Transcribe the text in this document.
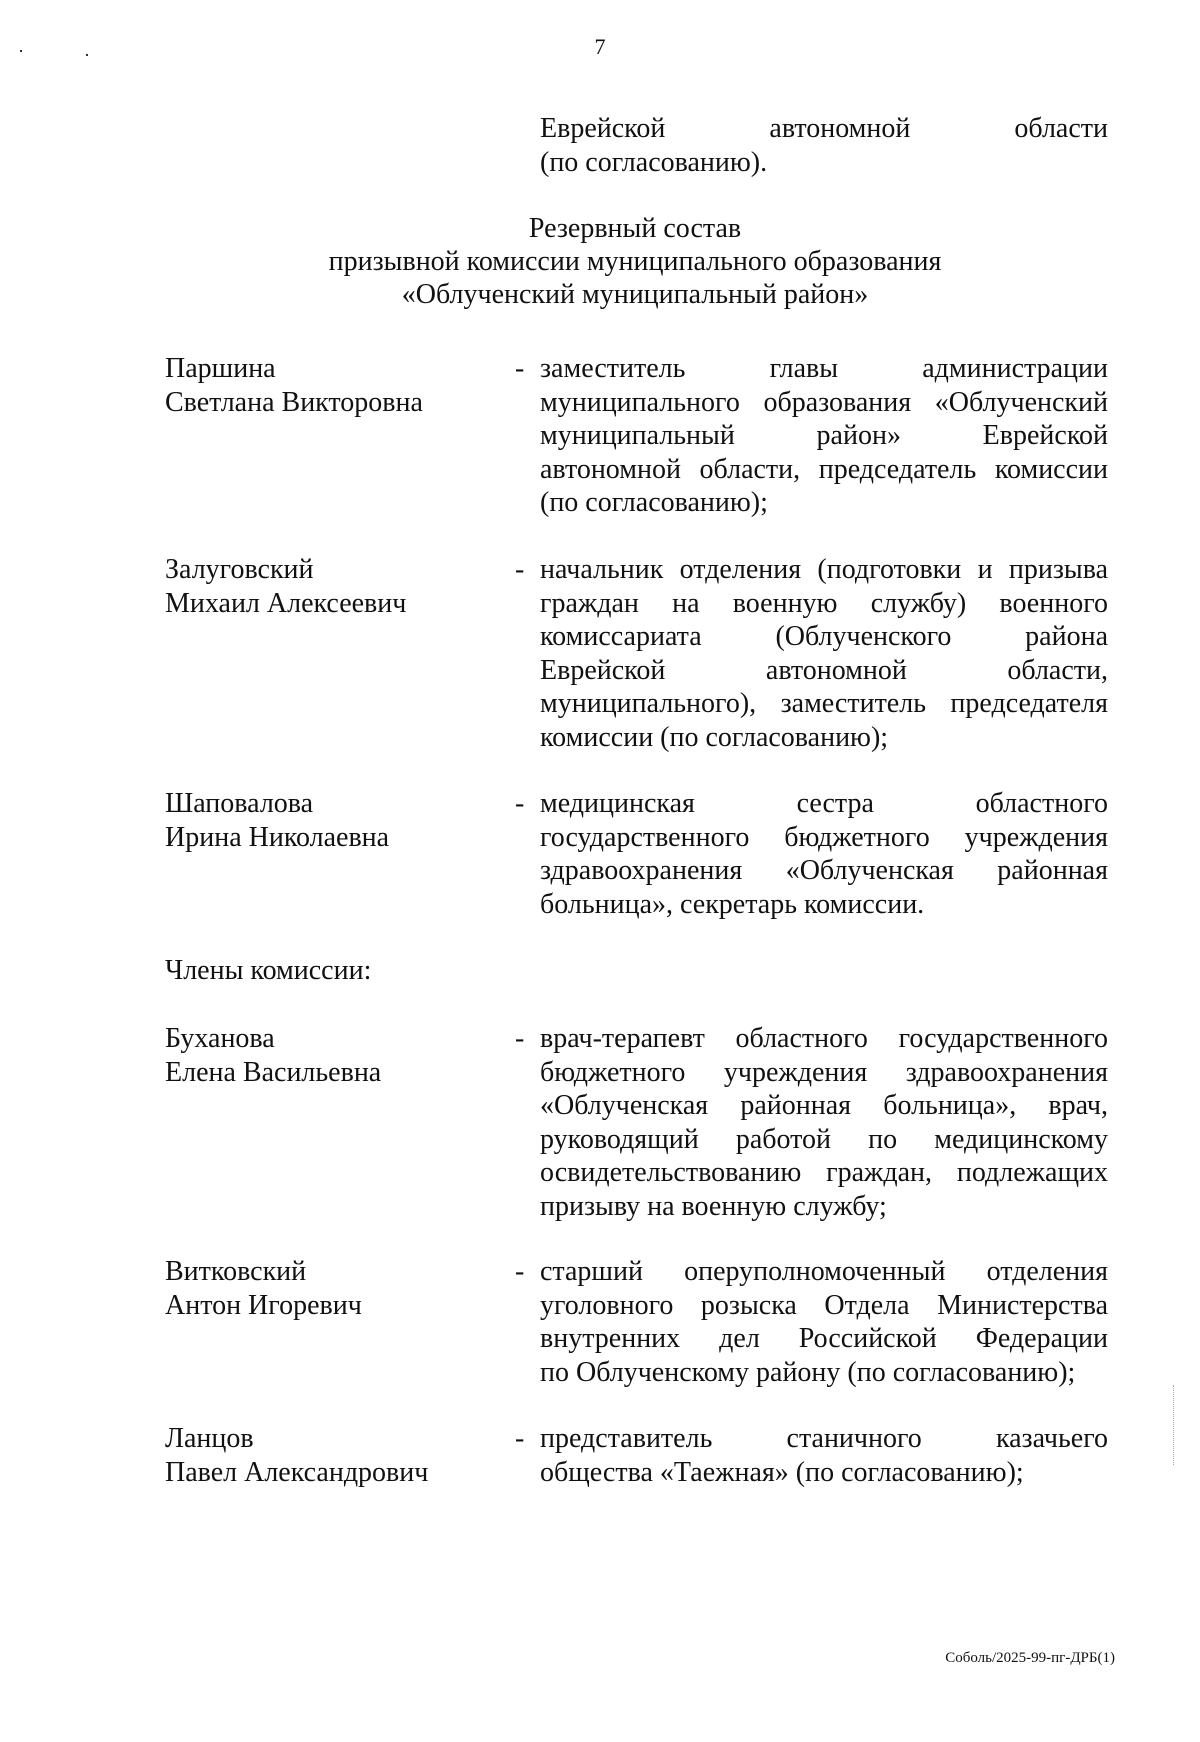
7
Еврейской автономной области
(по согласованию).
Резервный состав
призывной комиссии муниципального образования
«Облученский муниципальный район»
Паршина
Светлана Викторовна
- заместитель главы администрации
муниципального образования «Облученский
муниципальный район» Еврейской
автономной области, председатель комиссии
(по согласованию);
Залуговский
Михаил Алексеевич
- начальник отделения (подготовки и призыва
граждан на военную службу) военного
комиссариата (Облученского района
Еврейской автономной области,
муниципального), заместитель председателя
комиссии (по согласованию);
Шаповалова
Ирина Николаевна
- медицинская сестра областного
государственного бюджетного учреждения
здравоохранения «Облученская районная
больница», секретарь комиссии.
Члены комиссии:
Буханова
Елена Васильевна
- врач-терапевт областного государственного
бюджетного учреждения здравоохранения
«Облученская районная больница», врач,
руководящий работой по медицинскому
освидетельствованию граждан, подлежащих
призыву на военную службу;
Витковский
Антон Игоревич
- старший оперуполномоченный отделения
уголовного розыска Отдела Министерства
внутренних дел Российской Федерации
по Облученскому району (по согласованию);
Ланцов
Павел Александрович
- представитель станичного казачьего
общества «Таежная» (по согласованию);
Соболь/2025-99-пг-ДРБ(1)
